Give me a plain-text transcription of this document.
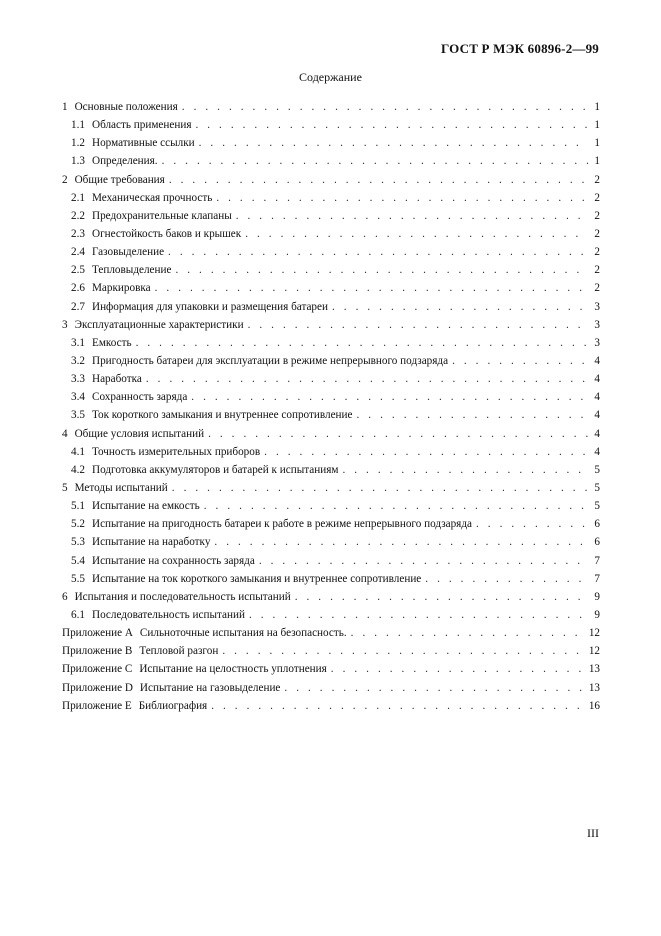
ГОСТ Р МЭК 60896-2—99
Содержание
1 Основные положения . . .	1
1.1 Область применения . . .	1
1.2 Нормативные ссылки . . .	1
1.3 Определения. . . .	1
2 Общие требования . . .	2
2.1 Механическая прочность . . .	2
2.2 Предохранительные клапаны . . .	2
2.3 Огнестойкость баков и крышек . . .	2
2.4 Газовыделение . . .	2
2.5 Тепловыделение . . .	2
2.6 Маркировка . . .	2
2.7 Информация для упаковки и размещения батареи . . .	3
3 Эксплуатационные характеристики . . .	3
3.1 Емкость . . .	3
3.2 Пригодность батареи для эксплуатации в режиме непрерывного подзаряда . . .	4
3.3 Наработка . . .	4
3.4 Сохранность заряда . . .	4
3.5 Ток короткого замыкания и внутреннее сопротивление . . .	4
4 Общие условия испытаний . . .	4
4.1 Точность измерительных приборов . . .	4
4.2 Подготовка аккумуляторов и батарей к испытаниям . . .	5
5 Методы испытаний . . .	5
5.1 Испытание на емкость . . .	5
5.2 Испытание на пригодность батареи к работе в режиме непрерывного подзаряда . . .	6
5.3 Испытание на наработку . . .	6
5.4 Испытание на сохранность заряда . . .	7
5.5 Испытание на ток короткого замыкания и внутреннее сопротивление . . .	7
6 Испытания и последовательность испытаний . . .	9
6.1 Последовательность испытаний . . .	9
Приложение А Сильноточные испытания на безопасность. . . .	12
Приложение В Тепловой разгон . . .	12
Приложение С Испытание на целостность уплотнения . . .	13
Приложение D Испытание на газовыделение . . .	13
Приложение Е Библиография . . .	16
III
